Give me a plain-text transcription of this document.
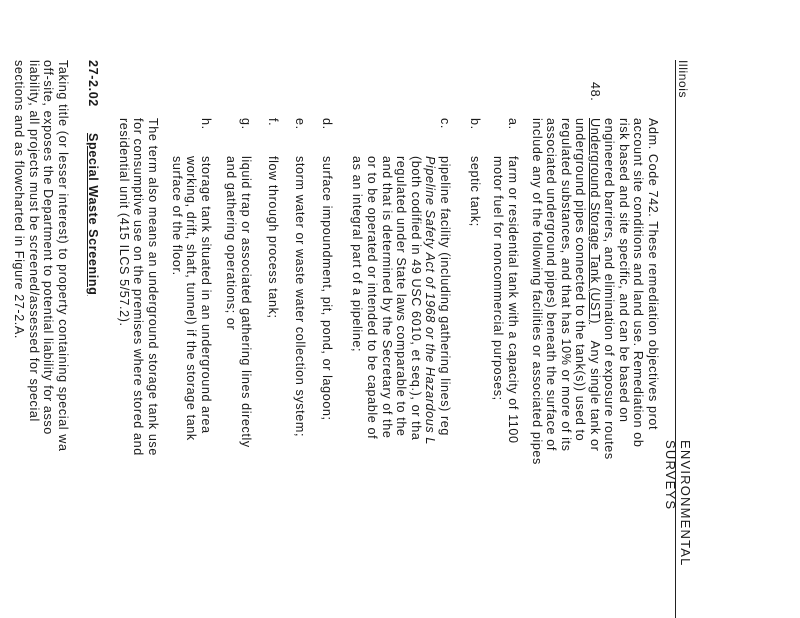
Illinois
ENVIRONMENTAL SURVEYS
Adm. Code 742. These remediation objectives prot
account site conditions and land use. Remediation ob
risk based and site specific, and can be based on
engineered barriers, and elimination of exposure routes
48.
Underground Storage Tank (UST)    Any single tank or
underground pipes connected to the tank(s)) used to
regulated substances, and that has 10% or more of its
associated underground pipes) beneath the surface of
include any of the following facilities or associated pipes
a.
farm or residential tank with a capacity of 1100
motor fuel for noncommercial purposes;
b.
septic tank;
c.
pipeline facility (including gathering lines) reg
Pipeline Safety Act of 1968 or the Hazardous L
(both codified in 49 USC 6010, et seq.), or tha
regulated under State laws comparable to the
and that is determined by the Secretary of the
or to be operated or intended to be capable of
as an integral part of a pipeline;
d.
surface impoundment, pit, pond, or lagoon;
e.
storm water or waste water collection system;
f.
flow through process tank;
g.
liquid trap or associated gathering lines directly
and gathering operations; or
h.
storage tank situated in an underground area
working, drift, shaft, tunnel) if the storage tank
surface of the floor.
The term also means an underground storage tank use
for consumptive use on the premises where stored and
residential unit (415 ILCS 5/57.2).
27-2.02 Special Waste Screening
Taking title (or lesser interest) to property containing special wa
off-site, exposes the Department to potential liability for asso
liability, all projects must be screened/assessed for special
sections and as flowcharted in Figure 27-2.A.
